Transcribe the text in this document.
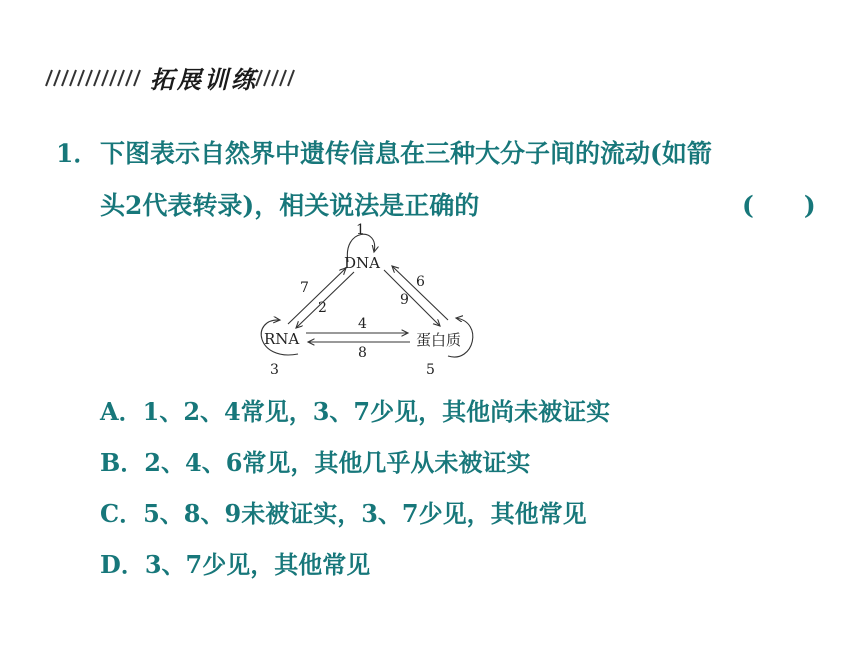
拓展训练
1． 下图表示自然界中遗传信息在三种大分子间的流动(如箭
头2代表转录)，相关说法是正确的	(　　)
DNA
RNA	蛋白质
1
2
3
4
5
6
7
8
9
A．1、2、4常见，3、7少见，其他尚未被证实
B．2、4、6常见，其他几乎从未被证实
C．5、8、9未被证实，3、7少见，其他常见
D．3、7少见，其他常见
